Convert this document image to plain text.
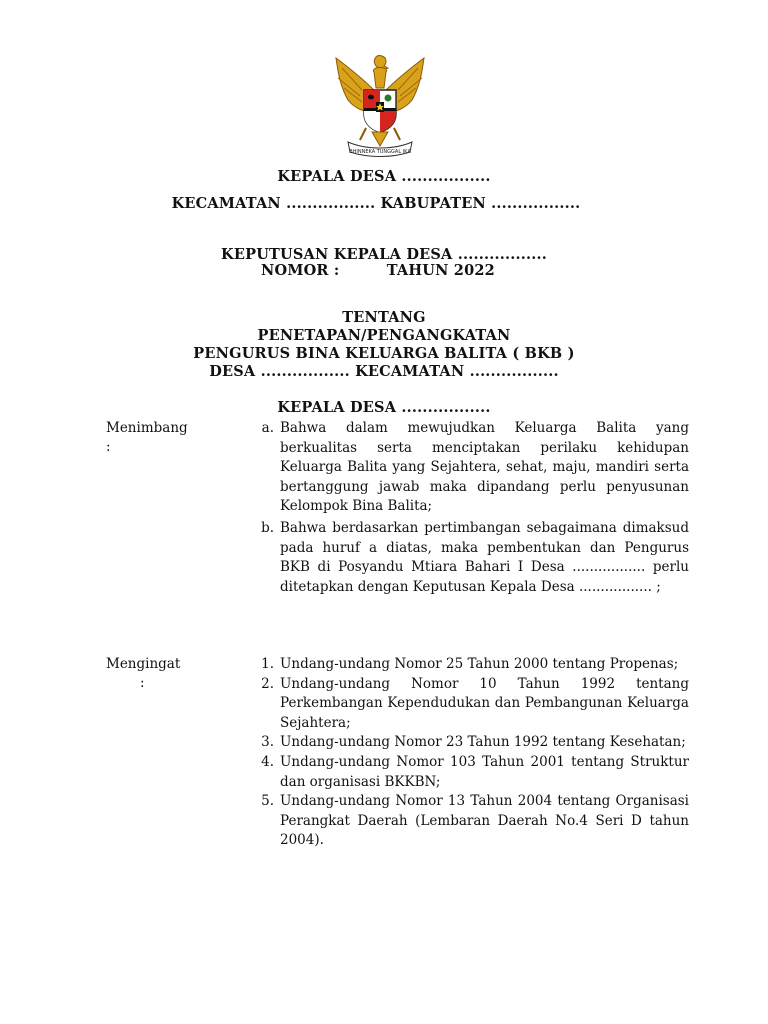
BHINNEKA TUNGGAL IKA
KEPALA DESA .................
KECAMATAN ................. KABUPATEN .................
KEPUTUSAN KEPALA DESA .................
NOMOR :         TAHUN 2022
TENTANG
PENETAPAN/PENGANGKATAN
PENGURUS BINA KELUARGA BALITA ( BKB )
DESA ................. KECAMATAN .................
KEPALA DESA .................
Menimbang
:
a. Bahwa dalam mewujudkan Keluarga Balita yang berkualitas serta menciptakan perilaku kehidupan Keluarga Balita yang Sejahtera, sehat, maju, mandiri serta bertanggung jawab maka dipandang perlu penyusunan Kelompok Bina Balita;
b. Bahwa berdasarkan pertimbangan sebagaimana dimaksud pada huruf a diatas, maka pembentukan dan Pengurus BKB di Posyandu Mtiara Bahari I Desa ................. perlu ditetapkan dengan Keputusan Kepala Desa ................. ;
Mengingat
:
1. Undang-undang Nomor 25 Tahun 2000 tentang Propenas;
2. Undang-undang Nomor 10 Tahun 1992 tentang Perkembangan Kependudukan dan Pembangunan Keluarga Sejahtera;
3. Undang-undang Nomor 23 Tahun 1992 tentang Kesehatan;
4. Undang-undang Nomor 103 Tahun 2001 tentang Struktur dan organisasi BKKBN;
5. Undang-undang Nomor 13 Tahun 2004 tentang Organisasi Perangkat Daerah (Lembaran Daerah No.4 Seri D tahun 2004).
